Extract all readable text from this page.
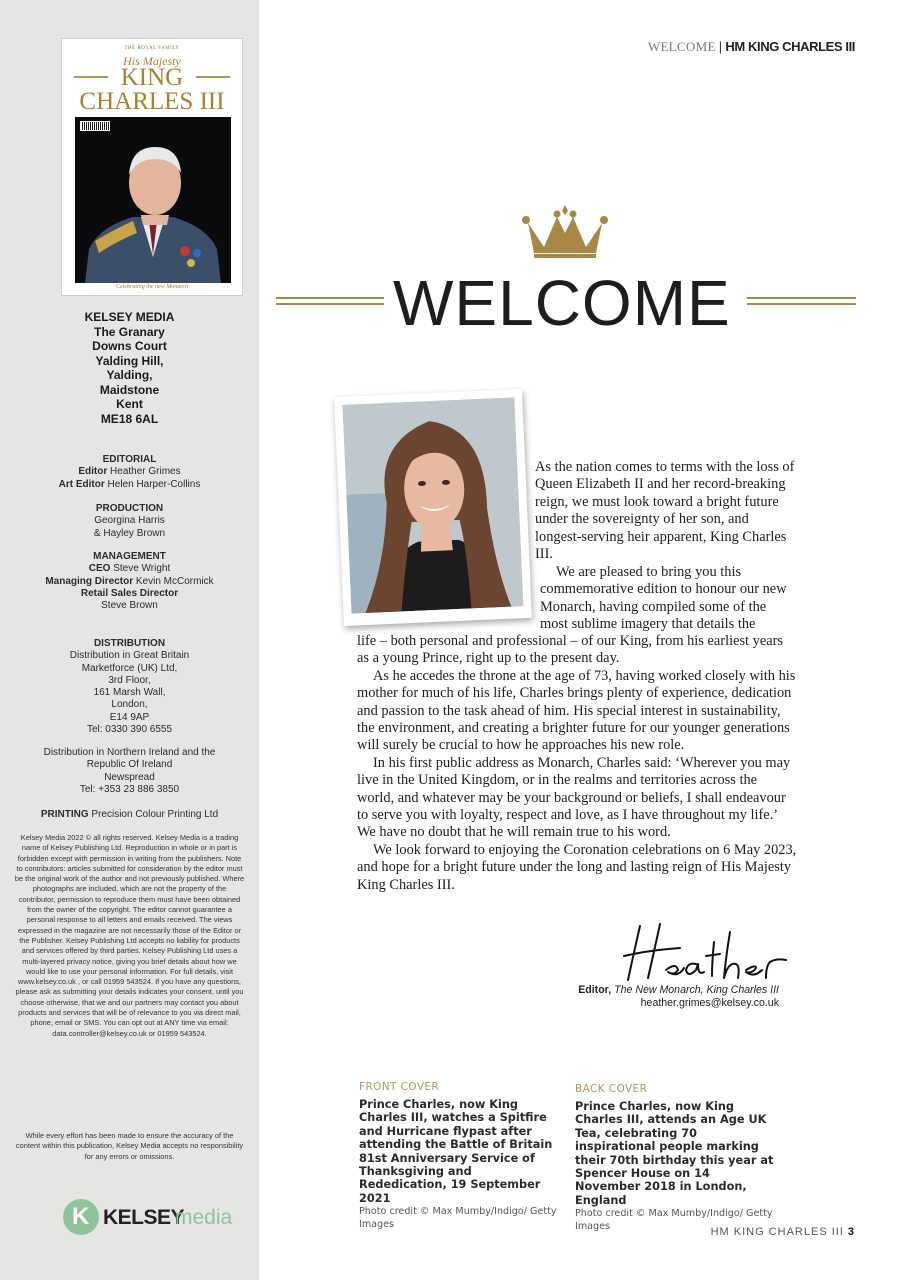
THE ROYAL FAMILY
His Majesty
KING
CHARLES III
Celebrating the new Monarch
KELSEY MEDIA
The Granary
Downs Court
Yalding Hill,
Yalding,
Maidstone
Kent
ME18 6AL
EDITORIAL
Editor Heather Grimes
Art Editor Helen Harper-Collins
PRODUCTION
Georgina Harris
& Hayley Brown
MANAGEMENT
CEO Steve Wright
Managing Director Kevin McCormick
Retail Sales Director
Steve Brown
DISTRIBUTION
Distribution in Great Britain
Marketforce (UK) Ltd,
3rd Floor,
161 Marsh Wall,
London,
E14 9AP
Tel: 0330 390 6555
Distribution in Northern Ireland and the
Republic Of Ireland
Newspread
Tel: +353 23 886 3850
PRINTING Precision Colour Printing Ltd
Kelsey Media 2022 © all rights reserved. Kelsey Media is a trading name of Kelsey Publishing Ltd. Reproduction in whole or in part is forbidden except with permission in writing from the publishers. Note to contributors: articles submitted for consideration by the editor must be the original work of the author and not previously published. Where photographs are included, which are not the property of the contributor, permission to reproduce them must have been obtained from the owner of the copyright. The editor cannot guarantee a personal response to all letters and emails received. The views expressed in the magazine are not necessarily those of the Editor or the Publisher. Kelsey Publishing Ltd accepts no liability for products and services offered by third parties. Kelsey Publishing Ltd uses a multi-layered privacy notice, giving you brief details about how we would like to use your personal information. For full details, visit www.kelsey.co.uk , or call 01959 543524. If you have any questions, please ask as submitting your details indicates your consent, until you choose otherwise, that we and our partners may contact you about products and services that will be of relevance to you via direct mail, phone, email or SMS. You can opt out at ANY time via email: data.controller@kelsey.co.uk or 01959 543524.
While every effort has been made to ensure the accuracy of the content within this publication, Kelsey Media accepts no responsibility for any errors or omissions.
K KELSEY
media
WELCOME | HM KING CHARLES III
WELCOME
As the nation comes to terms with the loss of Queen Elizabeth II and her record-breaking reign, we must look toward a bright future under the sovereignty of her son, and longest-serving heir apparent, King Charles III.
We are pleased to bring you this commemorative edition to honour our new Monarch, having compiled some of the most sublime imagery that details the

life – both personal and professional – of our King, from his earliest years as a young Prince, right up to the present day.

As he accedes the throne at the age of 73, having worked closely with his mother for much of his life, Charles brings plenty of experience, dedication and passion to the task ahead of him. His special interest in sustainability, the environment, and creating a brighter future for our younger generations will surely be crucial to how he approaches his new role.

In his first public address as Monarch, Charles said: ‘Wherever you may live in the United Kingdom, or in the realms and territories across the world, and whatever may be your background or beliefs, I shall endeavour to serve you with loyalty, respect and love, as I have throughout my life.’ We have no doubt that he will remain true to his word.

We look forward to enjoying the Coronation celebrations on 6 May 2023, and hope for a bright future under the long and lasting reign of His Majesty King Charles III.

Editor, The New Monarch, King Charles III
heather.grimes@kelsey.co.uk
FRONT COVER
Prince Charles, now King Charles III, watches a Spitfire and Hurricane flypast after attending the Battle of Britain 81st Anniversary Service of Thanksgiving and Rededication, 19 September 2021
Photo credit © Max Mumby/Indigo/ Getty Images
BACK COVER
Prince Charles, now King Charles III, attends an Age UK Tea, celebrating 70 inspirational people marking their 70th birthday this year at Spencer House on 14 November 2018 in London, England
Photo credit © Max Mumby/Indigo/ Getty Images	HM KING CHARLES III 3
